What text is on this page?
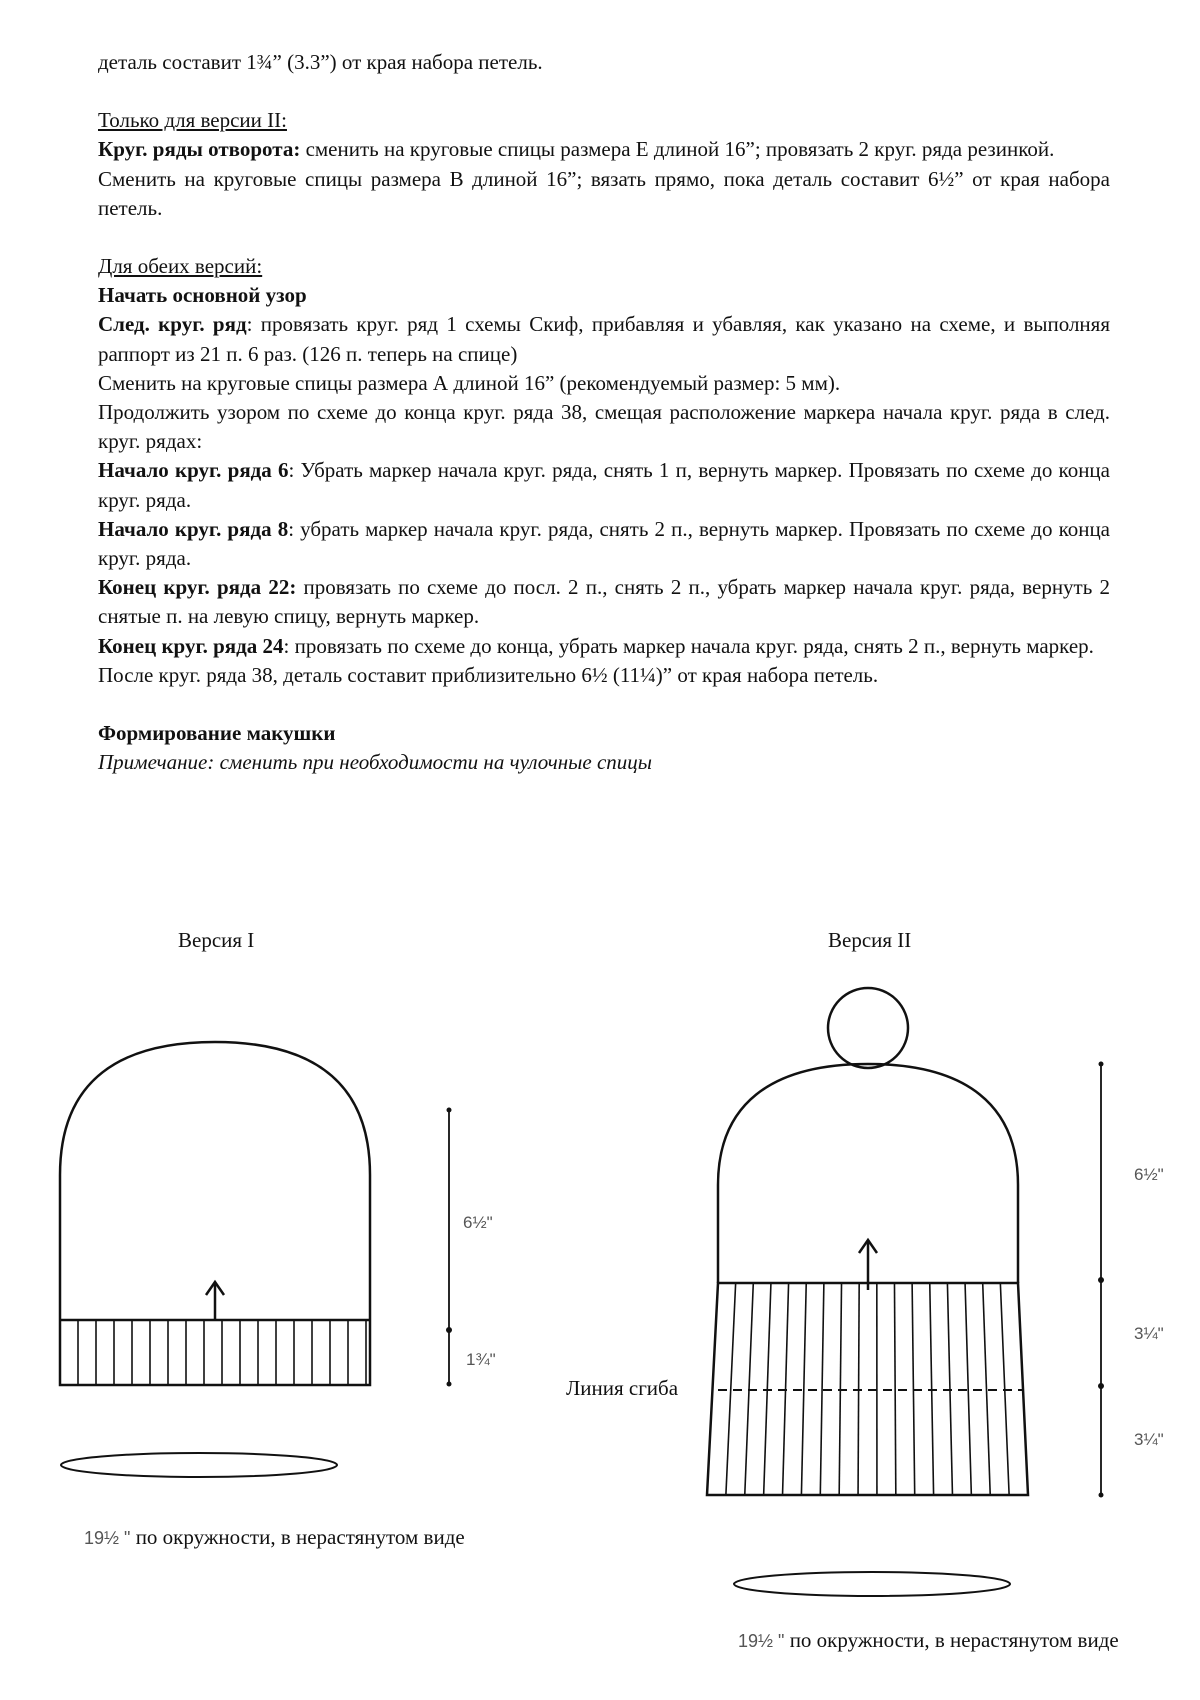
деталь составит 1¾” (3.3”) от края набора петель.

Только для версии II:

Круг. ряды отворота: сменить на круговые спицы размера Е длиной 16”; провязать 2 круг. ряда резинкой.

Сменить на круговые спицы размера В длиной 16”; вязать прямо, пока деталь составит 6½” от края набора петель.

Для обеих версий:

Начать основной узор

След. круг. ряд: провязать круг. ряд 1 схемы Скиф, прибавляя и убавляя, как указано на схеме, и выполняя раппорт из 21 п. 6 раз. (126 п. теперь на спице)

Сменить на круговые спицы размера А длиной 16” (рекомендуемый размер: 5 мм).

Продолжить узором по схеме до конца круг. ряда 38, смещая расположение маркера начала круг. ряда в след. круг. рядах:

Начало круг. ряда 6: Убрать маркер начала круг. ряда, снять 1 п, вернуть маркер. Провязать по схеме до конца круг. ряда.

Начало круг. ряда 8: убрать маркер начала круг. ряда, снять 2 п., вернуть маркер. Провязать по схеме до конца круг. ряда.

Конец круг. ряда 22: провязать по схеме до посл. 2 п., снять 2 п., убрать маркер начала круг. ряда, вернуть 2 снятые п. на левую спицу, вернуть маркер.

Конец круг. ряда 24: провязать по схеме до конца, убрать маркер начала круг. ряда, снять 2 п., вернуть маркер.

После круг. ряда 38, деталь составит приблизительно 6½ (11¼)” от края набора петель.

Формирование макушки

Примечание: сменить при необходимости на чулочные спицы

Версия I	Версия II
6½"
1¾"
6½"
3¼"
3¼"
Линия сгиба
19½ " по окружности, в нерастянутом виде
19½ " по окружности, в нерастянутом виде
